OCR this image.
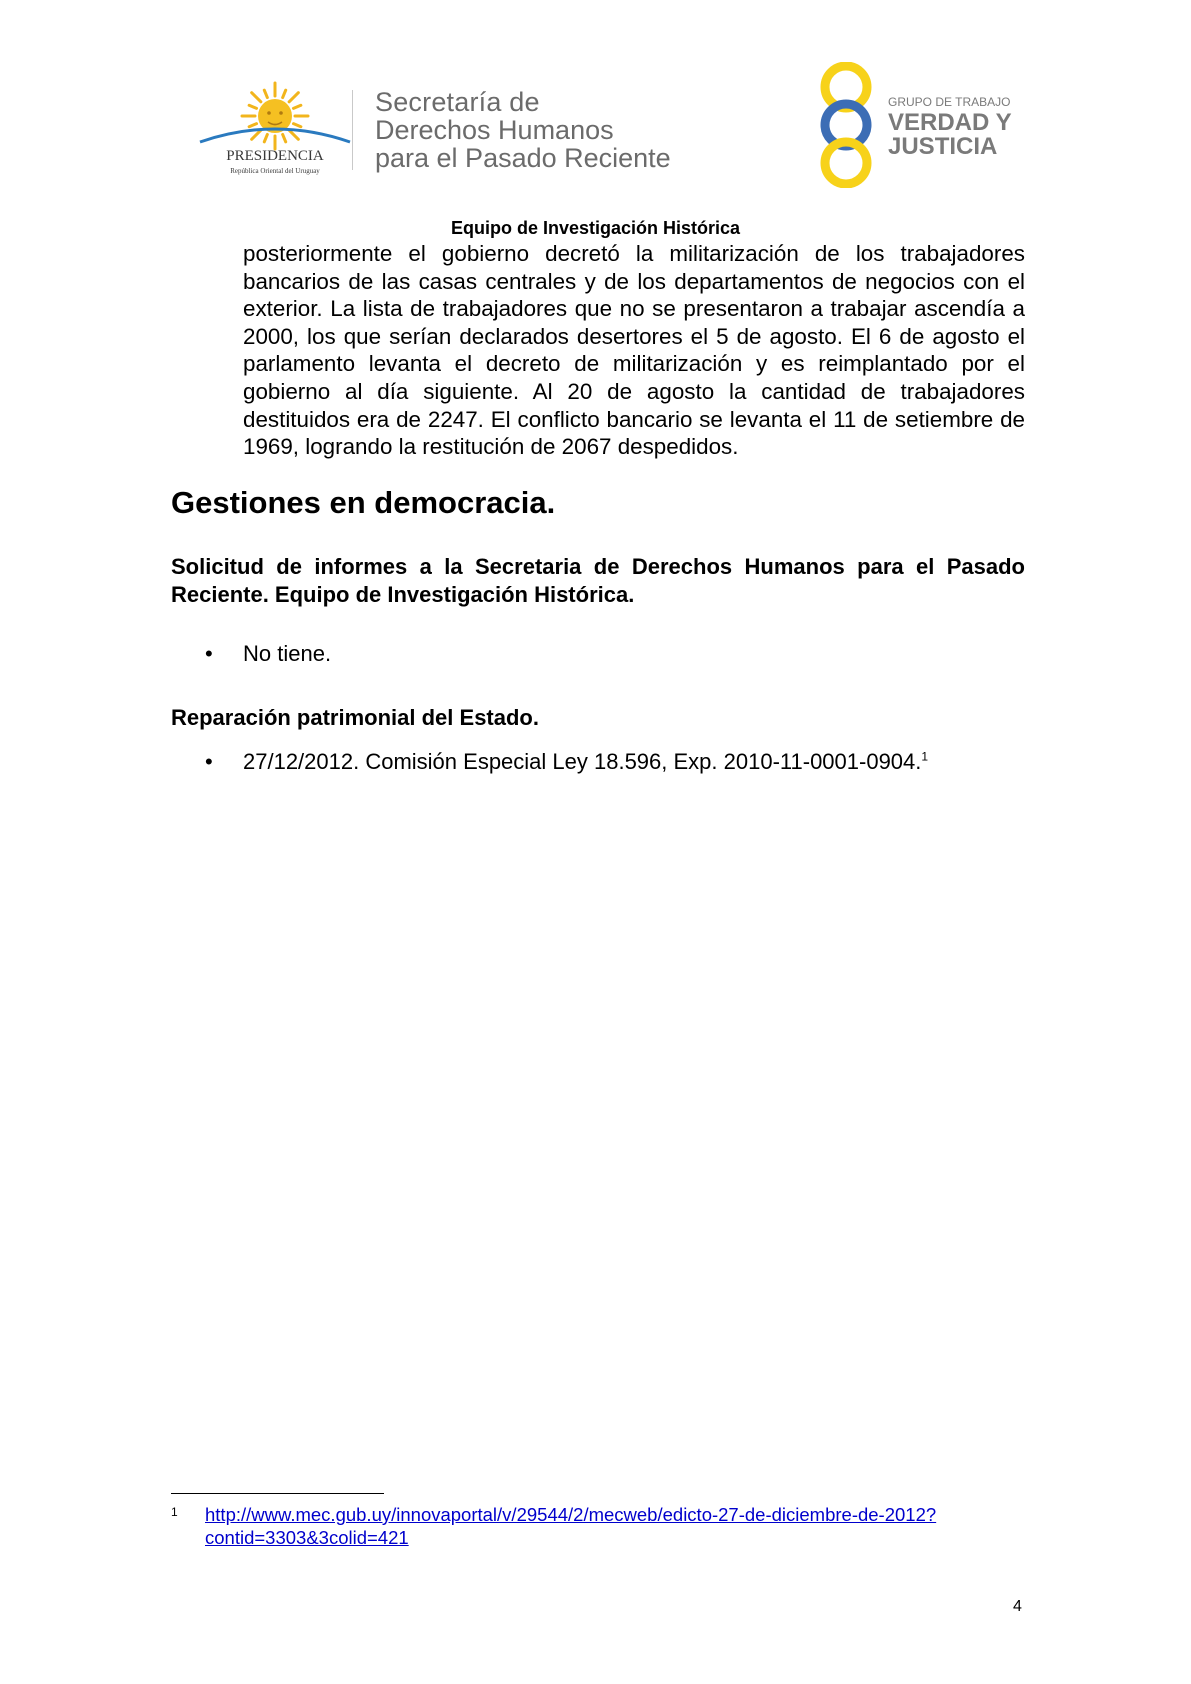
PRESIDENCIA
República Oriental del Uruguay
Secretaría de
Derechos Humanos
para el Pasado Reciente
GRUPO DE TRABAJO
VERDAD Y
JUSTICIA
Equipo de Investigación Histórica

posteriormente el gobierno decretó la militarización de los trabajadores bancarios de las casas centrales y de los departamentos de negocios con el exterior. La lista de trabajadores que no se presentaron a trabajar ascendía a 2000, los que serían declarados desertores el 5 de agosto. El 6 de agosto el parlamento levanta el decreto de militarización y es reimplantado por el gobierno al día siguiente. Al 20 de agosto la cantidad de trabajadores destituidos era de 2247. El conflicto bancario se levanta el 11 de setiembre de 1969, logrando la restitución de 2067 despedidos.

Gestiones en democracia.

Solicitud de informes a la Secretaria de Derechos Humanos para el Pasado Reciente. Equipo de Investigación Histórica.

• No tiene.

Reparación patrimonial del Estado.

• 27/12/2012. Comisión Especial Ley 18.596, Exp. 2010-11-0001-0904.$^1$
1 http://www.mec.gub.uy/innovaportal/v/29544/2/mecweb/edicto-27-de-diciembre-de-2012?
contid=3303&3colid=421
4
